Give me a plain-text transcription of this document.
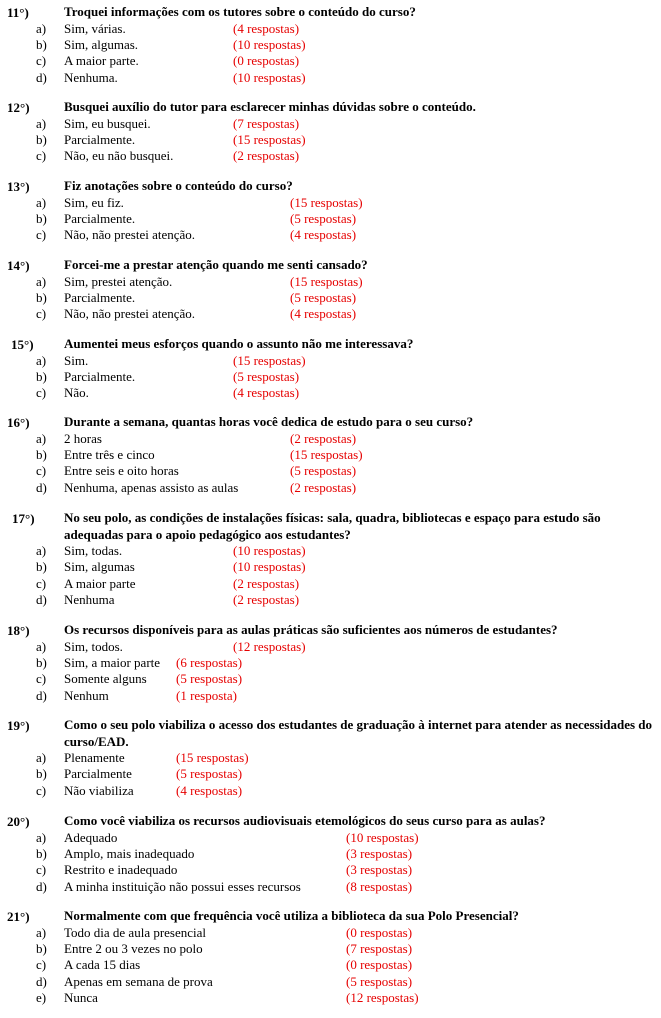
11°)	Troquei informações com os tutores sobre o conteúdo do curso?
a) Sim, várias.	(4 respostas)
b) Sim, algumas.	(10 respostas)
c) A maior parte.	(0 respostas)
d) Nenhuma.	(10 respostas)
12°)	Busquei auxílio do tutor para esclarecer minhas dúvidas sobre o conteúdo.
a) Sim, eu busquei.	(7 respostas)
b) Parcialmente.	(15 respostas)
c) Não, eu não busquei.	(2 respostas)
13°)	Fiz anotações sobre o conteúdo do curso?
a) Sim, eu fiz.	(15 respostas)
b) Parcialmente.	(5 respostas)
c) Não, não prestei atenção.	(4 respostas)
14°)	Forcei-me a prestar atenção quando me senti cansado?
a) Sim, prestei atenção.	(15 respostas)
b) Parcialmente.	(5 respostas)
c) Não, não prestei atenção.	(4 respostas)
15°) Aumentei meus esforços quando o assunto não me interessava?
a) Sim.	(15 respostas)
b) Parcialmente.	(5 respostas)
c) Não.	(4 respostas)
16°)	Durante a semana, quantas horas você dedica de estudo para o seu curso?
a) 2 horas	(2 respostas)
b) Entre três e cinco	(15 respostas)
c) Entre seis e oito horas	(5 respostas)
d) Nenhuma, apenas assisto as aulas	(2 respostas)
17°) No seu polo, as condições de instalações físicas: sala, quadra, bibliotecas e espaço para estudo são adequadas para o apoio pedagógico aos estudantes?
a) Sim, todas.	(10 respostas)
b) Sim, algumas	(10 respostas)
c) A maior parte	(2 respostas)
d) Nenhuma	(2 respostas)
18°)	Os recursos disponíveis para as aulas práticas são suficientes aos números de estudantes?
a) Sim, todos.	(12 respostas)
b) Sim, a maior parte (6 respostas)
c) Somente alguns (5 respostas)
d) Nenhum	(1 resposta)
19°)	Como o seu polo viabiliza o acesso dos estudantes de graduação à internet para atender as necessidades do curso/EAD.
a) Plenamente	(15 respostas)
b) Parcialmente	(5 respostas)
c) Não viabiliza	(4 respostas)
20°)	Como você viabiliza os recursos audiovisuais etemológicos do seus curso para as aulas?
a) Adequado	(10 respostas)
b) Amplo, mais inadequado	(3 respostas)
c) Restrito e inadequado	(3 respostas)
d) A minha instituição não possui esses recursos	(8 respostas)
21°)	Normalmente com que frequência você utiliza a biblioteca da sua Polo Presencial?
a) Todo dia de aula presencial	(0 respostas)
b) Entre 2 ou 3 vezes no polo	(7 respostas)
c) A cada 15 dias	(0 respostas)
d) Apenas em semana de prova	(5 respostas)
e) Nunca	(12 respostas)
